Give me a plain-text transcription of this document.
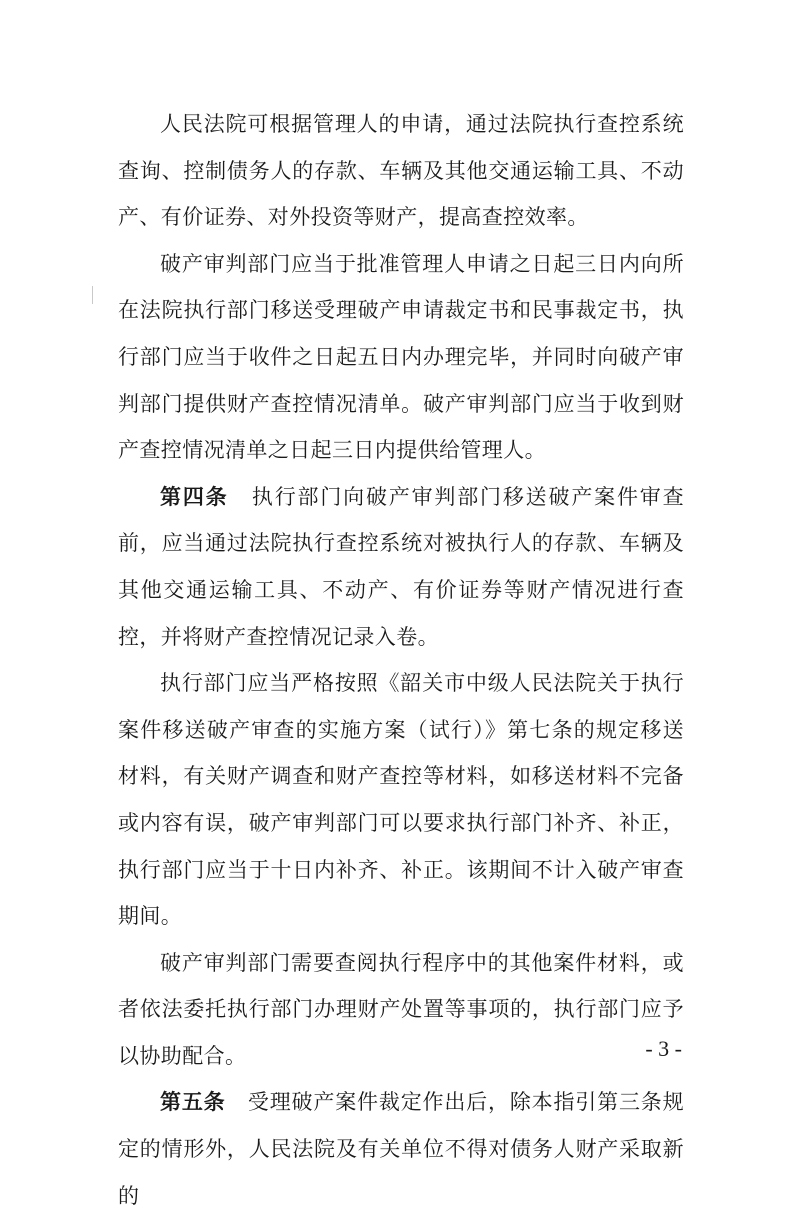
人民法院可根据管理人的申请，通过法院执行查控系统查询、控制债务人的存款、车辆及其他交通运输工具、不动产、有价证券、对外投资等财产，提高查控效率。

破产审判部门应当于批准管理人申请之日起三日内向所在法院执行部门移送受理破产申请裁定书和民事裁定书，执行部门应当于收件之日起五日内办理完毕，并同时向破产审判部门提供财产查控情况清单。破产审判部门应当于收到财产查控情况清单之日起三日内提供给管理人。

第四条 执行部门向破产审判部门移送破产案件审查前，应当通过法院执行查控系统对被执行人的存款、车辆及其他交通运输工具、不动产、有价证券等财产情况进行查控，并将财产查控情况记录入卷。

执行部门应当严格按照《韶关市中级人民法院关于执行案件移送破产审查的实施方案（试行）》第七条的规定移送材料，有关财产调查和财产查控等材料，如移送材料不完备或内容有误，破产审判部门可以要求执行部门补齐、补正，执行部门应当于十日内补齐、补正。该期间不计入破产审查期间。

破产审判部门需要查阅执行程序中的其他案件材料，或者依法委托执行部门办理财产处置等事项的，执行部门应予以协助配合。

第五条 受理破产案件裁定作出后，除本指引第三条规定的情形外，人民法院及有关单位不得对债务人财产采取新的

- 3 -
